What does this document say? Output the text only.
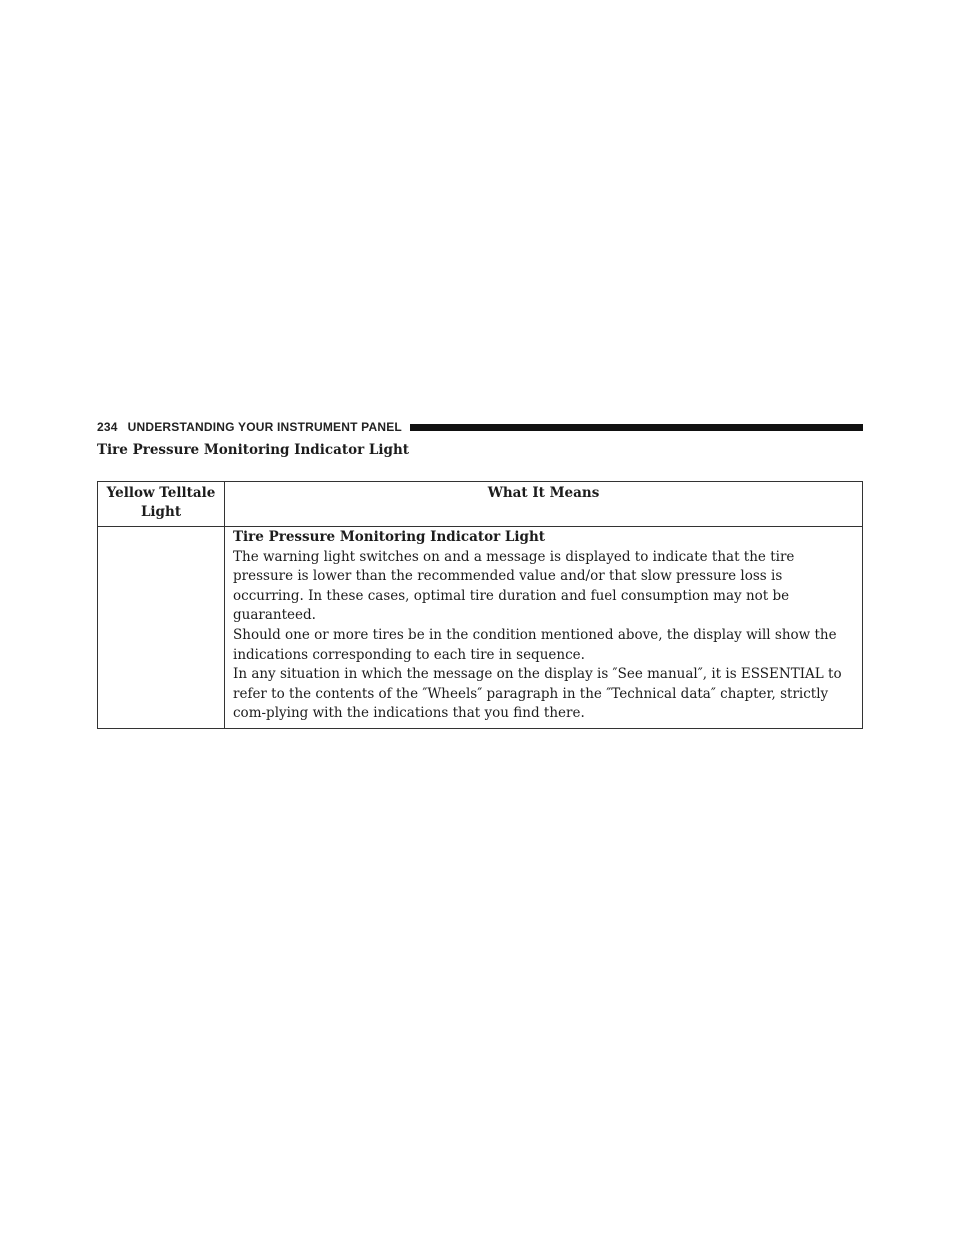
234 UNDERSTANDING YOUR INSTRUMENT PANEL
Tire Pressure Monitoring Indicator Light
Yellow Telltale Light	What It Means

	Tire Pressure Monitoring Indicator Light
The warning light switches on and a message is displayed to indicate that the tire pressure is lower than the recommended value and/or that slow pressure loss is occurring. In these cases, optimal tire duration and fuel consumption may not be guaranteed.
Should one or more tires be in the condition mentioned above, the display will show the indications corresponding to each tire in sequence.
In any situation in which the message on the display is ″See manual″, it is ESSENTIAL to refer to the contents of the ″Wheels″ paragraph in the ″Technical data″ chapter, strictly com-plying with the indications that you find there.
